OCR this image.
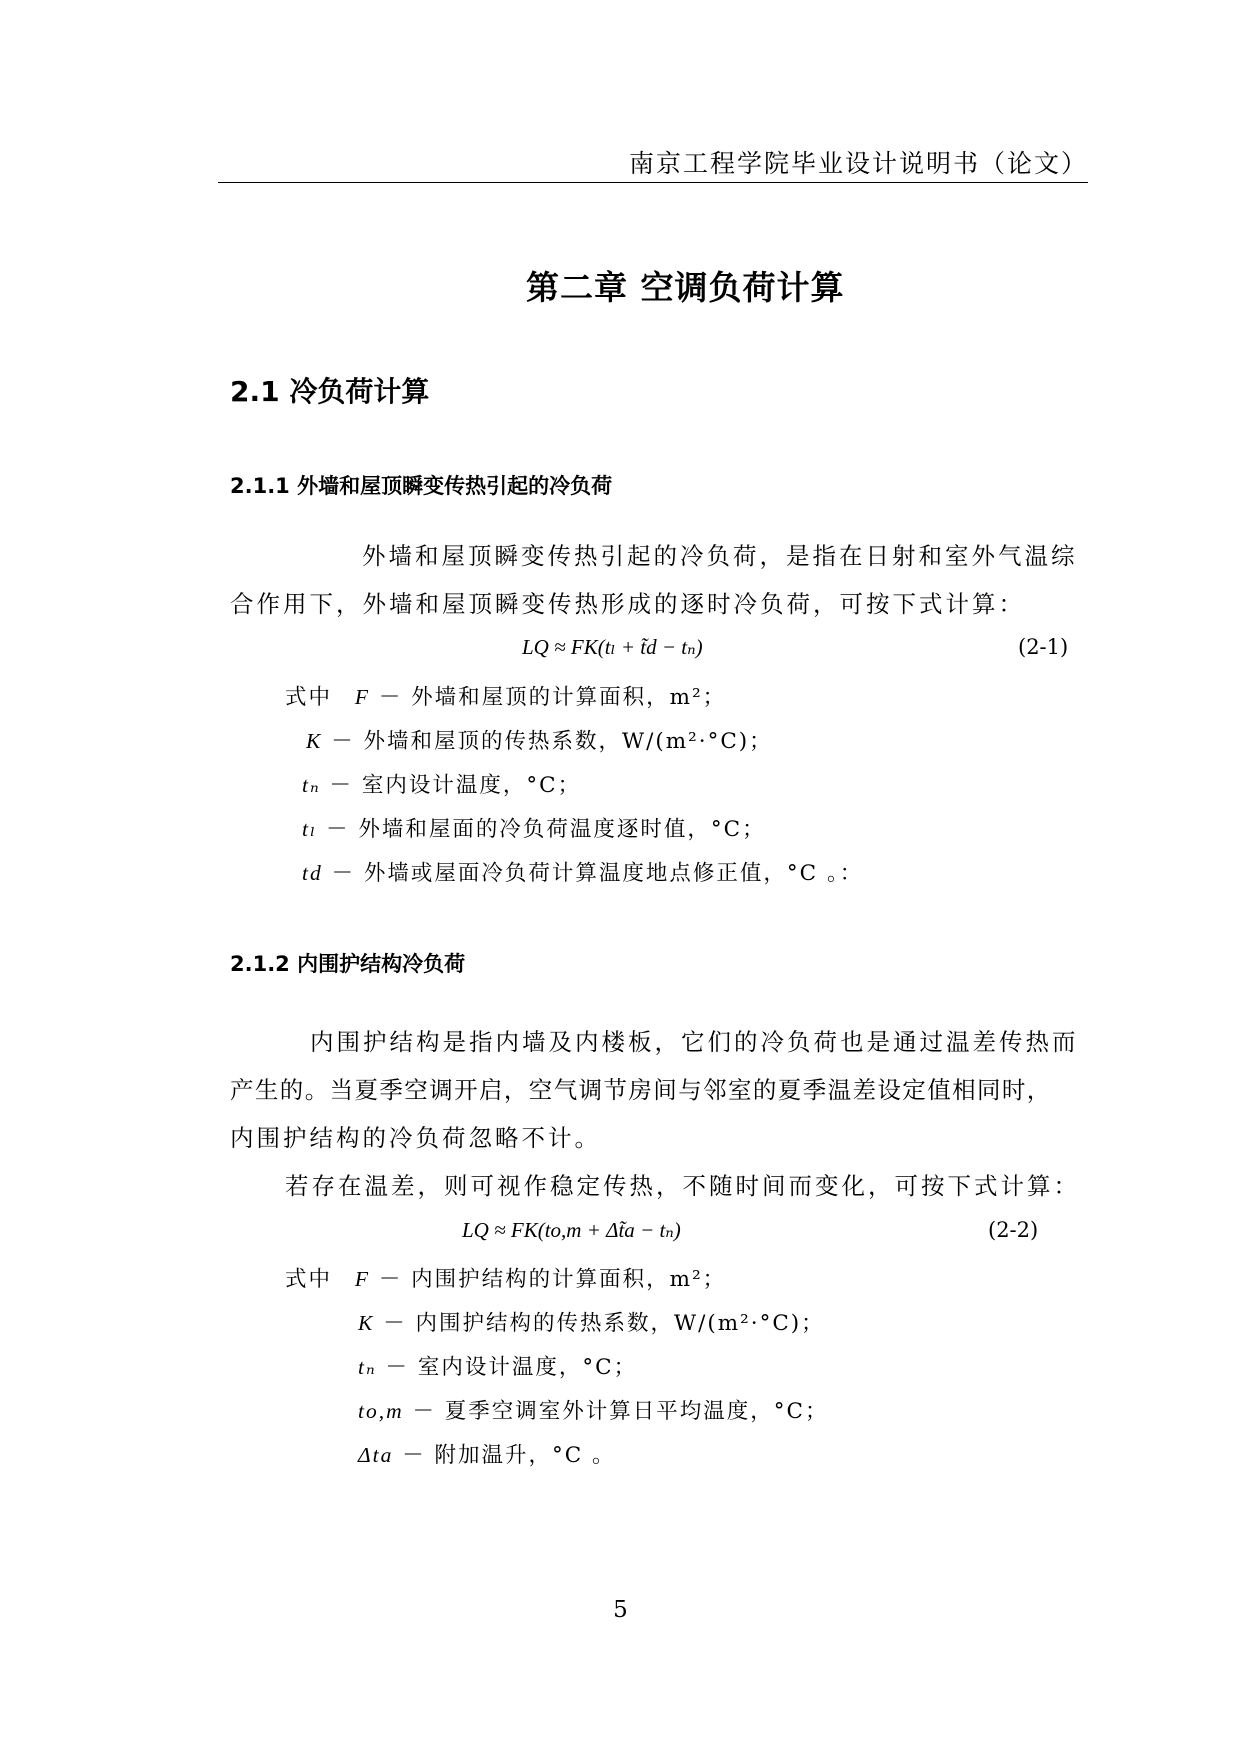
南京工程学院毕业设计说明书（论文）
第二章 空调负荷计算
2.1 冷负荷计算
2.1.1 外墙和屋顶瞬变传热引起的冷负荷
外墙和屋顶瞬变传热引起的冷负荷，是指在日射和室外气温综
合作用下，外墙和屋顶瞬变传热形成的逐时冷负荷，可按下式计算：
LQ ≈ FK(tₗ + t̃d − tₙ)	(2-1)
式中 F － 外墙和屋顶的计算面积，m²；
K － 外墙和屋顶的传热系数，W/(m²·°C)；
tₙ － 室内设计温度，°C；
tₗ － 外墙和屋面的冷负荷温度逐时值，°C；
td － 外墙或屋面冷负荷计算温度地点修正值，°C 。：
2.1.2 内围护结构冷负荷
内围护结构是指内墙及内楼板，它们的冷负荷也是通过温差传热而
产生的。当夏季空调开启，空气调节房间与邻室的夏季温差设定值相同时，
内围护结构的冷负荷忽略不计。
若存在温差，则可视作稳定传热，不随时间而变化，可按下式计算：
LQ ≈ FK(to,m + Δt̃a − tₙ)	(2-2)
式中 F － 内围护结构的计算面积，m²；
K － 内围护结构的传热系数，W/(m²·°C)；
tₙ － 室内设计温度，°C；
to,m － 夏季空调室外计算日平均温度，°C；
Δta － 附加温升，°C 。
5
